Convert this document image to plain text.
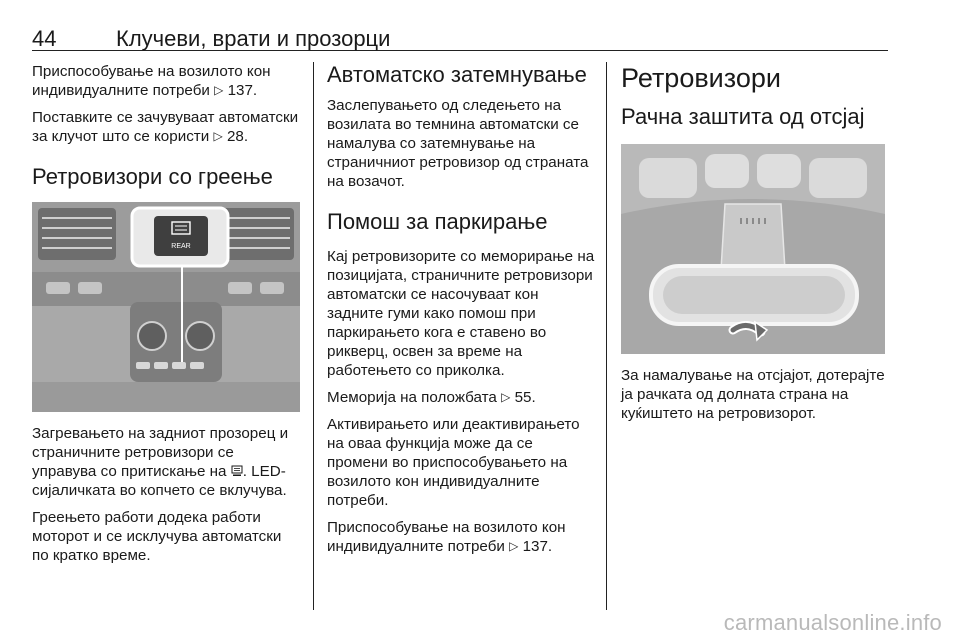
44	Клучеви, врати и прозорци

Приспособување на возилото кон индивидуалните потреби ▷ 137.

Поставките се зачувуваат автоматски за клучот што се користи ▷ 28.

Ретровизори со греење
REAR

Загревањето на задниот прозорец и страничните ретровизори се управува со притискање на . LED-сијаличката во копчето се вклучува.

Греењето работи додека работи моторот и се исклучува автоматски по кратко време.

Автоматско затемнување

Заслепувањето од следењето на возилата во темнина автоматски се намалува со затемнување на страничниот ретровизор од страната на возачот.

Помош за паркирање

Кај ретровизорите со меморирање на позицијата, страничните ретровизори автоматски се насочуваат кон задните гуми како помош при паркирањето кога е ставено во рикверц, освен за време на работењето со приколка.

Меморија на положбата ▷ 55.

Активирањето или деактивирањето на оваа функција може да се промени во приспособувањето на возилото кон индивидуалните потреби.

Приспособување на возилото кон индивидуалните потреби ▷ 137.

Ретровизори
Рачна заштита од отсјај

За намалување на отсјајот, дотерајте ја рачката од долната страна на куќиштето на ретровизорот.

carmanualsonline.info
